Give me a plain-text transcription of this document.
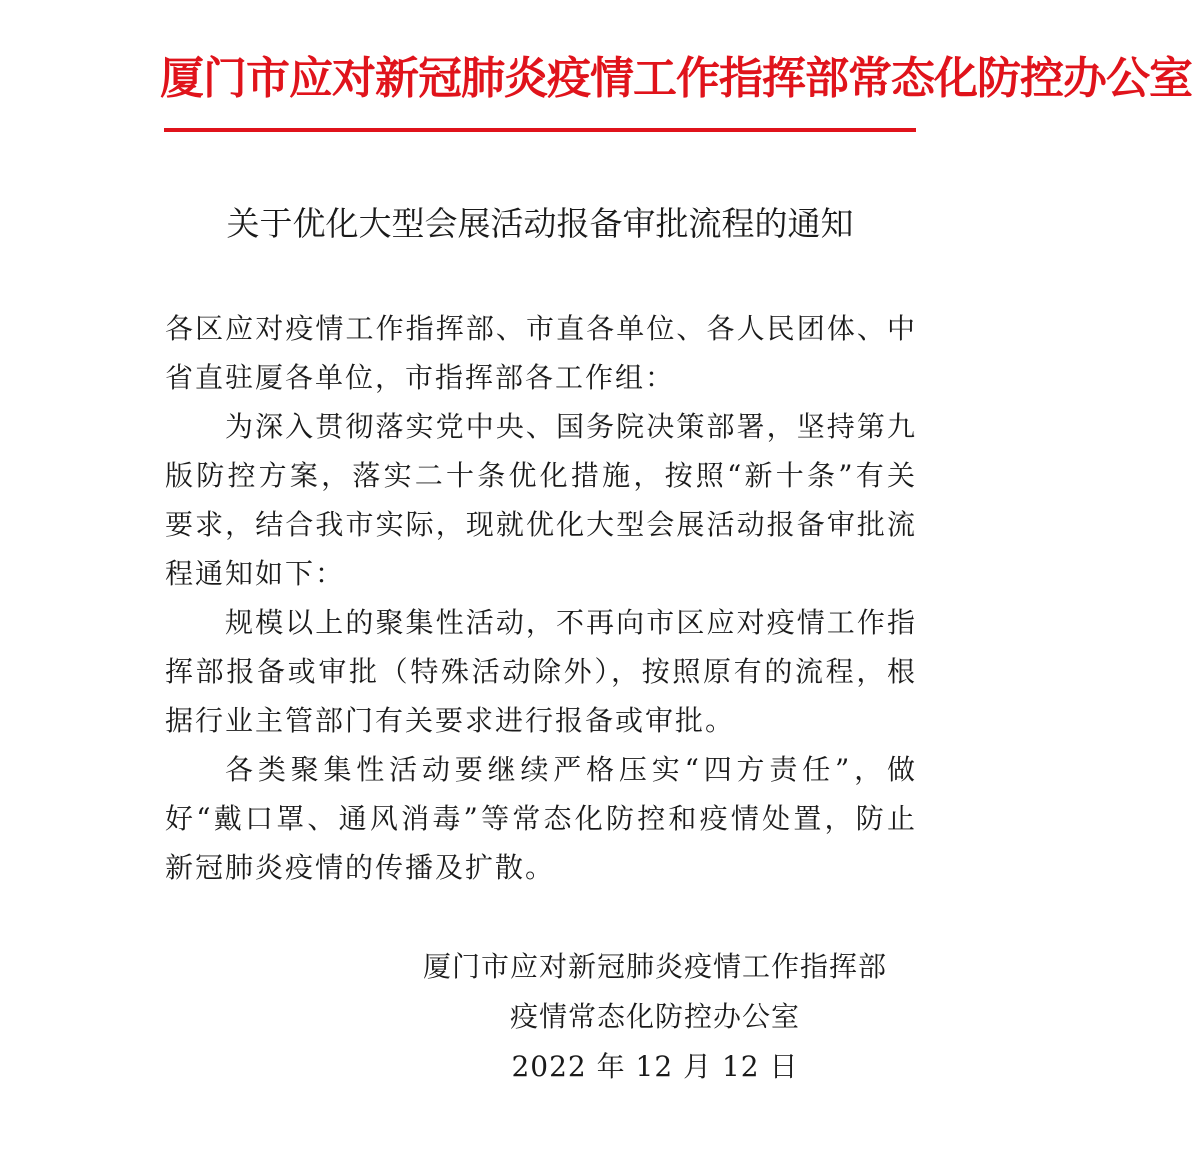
厦门市应对新冠肺炎疫情工作指挥部常态化防控办公室
关于优化大型会展活动报备审批流程的通知

各区应对疫情工作指挥部、市直各单位、各人民团体、中省直驻厦各单位，市指挥部各工作组：

为深入贯彻落实党中央、国务院决策部署，坚持第九版防控方案，落实二十条优化措施，按照“新十条”有关要求，结合我市实际，现就优化大型会展活动报备审批流程通知如下：

规模以上的聚集性活动，不再向市区应对疫情工作指挥部报备或审批（特殊活动除外），按照原有的流程，根据行业主管部门有关要求进行报备或审批。

各类聚集性活动要继续严格压实“四方责任”，做好“戴口罩、通风消毒”等常态化防控和疫情处置，防止新冠肺炎疫情的传播及扩散。

厦门市应对新冠肺炎疫情工作指挥部
疫情常态化防控办公室
2022 年 12 月 12 日
